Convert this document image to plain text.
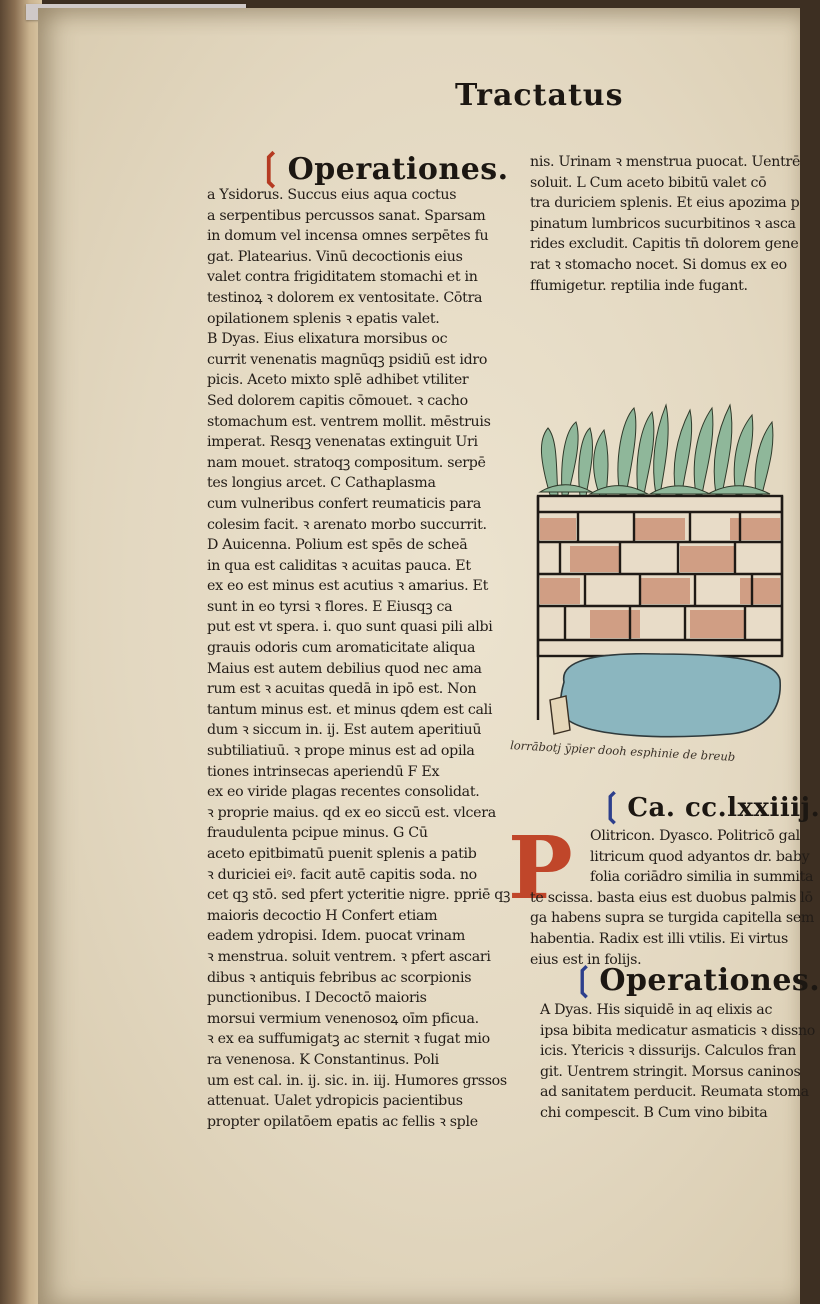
Tractatus
❲Operationes.
a Ysidorus. Succus eius aqua coctus
a serpentibus percussos sanat. Sparsam
in domum vel incensa omnes serpētes fu
gat. Platearius. Vinū decoctionis eius
valet contra frigiditatem stomachi et in
testinoꝝ ꝛ dolorem ex ventositate. Cōtra
opilationem splenis ꝛ epatis valet.
B Dyas. Eius elixatura morsibus oc
currit venenatis magnūqꝫ psidiū est idro
picis. Aceto mixto splē adhibet vtiliter
Sed dolorem capitis cōmouet. ꝛ cacho
stomachum est. ventrem mollit. mēstruis
imperat. Resqꝫ venenatas extinguit Uri
nam mouet. stratoqꝫ compositum. serpē
tes longius arcet. C Cathaplasma
cum vulneribus confert reumaticis para
colesim facit. ꝛ arenato morbo succurrit.
D Auicenna. Polium est spēs de scheā
in qua est caliditas ꝛ acuitas pauca. Et
ex eo est minus est acutius ꝛ amarius. Et
sunt in eo tyrsi ꝛ flores. E Eiusqꝫ ca
put est vt spera. i. quo sunt quasi pili albi
grauis odoris cum aromaticitate aliqua
Maius est autem debilius quod nec ama
rum est ꝛ acuitas quedā in ipō est. Non
tantum minus est. et minus qdem est cali
dum ꝛ siccum in. ij. Est autem aperitiuū
subtiliatiuū. ꝛ prope minus est ad opila
tiones intrinsecas aperiendū F Ex
ex eo viride plagas recentes consolidat.
ꝛ proprie maius. qd ex eo siccū est. vlcera
fraudulenta pcipue minus. G Cū
aceto epitbimatū puenit splenis a patib
ꝛ duriciei eiꝰ. facit autē capitis soda. no
cet qꝫ stō. sed pfert ycteritie nigre. ppriē qꝫ
maioris decoctio H Confert etiam
eadem ydropisi. Idem. puocat vrinam
ꝛ menstrua. soluit ventrem. ꝛ pfert ascari
dibus ꝛ antiquis febribus ac scorpionis
punctionibus. I Decoctō maioris
morsui vermium venenosoꝝ oīm pficua.
ꝛ ex ea suffumigatꝫ ac sternit ꝛ fugat mio
ra venenosa. K Constantinus. Poli
um est cal. in. ij. sic. in. iij. Humores grssos
attenuat. Ualet ydropicis pacientibus
propter opilatōem epatis ac fellis ꝛ sple
nis. Urinam ꝛ menstrua puocat. Uentrē
soluit. L Cum aceto bibitū valet cō
tra duriciem splenis. Et eius apozima p
pinatum lumbricos sucurbitinos ꝛ asca
rides excludit. Capitis tn̄ dolorem gene
rat ꝛ stomacho nocet. Si domus ex eo
ffumigetur. reptilia inde fugant.
lorrābotj ȳpier dooh esphinie de breub
❲Ca. cc.lxxiiij.
P	Olitricon. Dyasco. Politricō gal
litricum quod adyantos dr. baby
folia coriādro similia in summita
te scissa. basta eius est duobus palmis lō
ga habens supra se turgida capitella sem
habentia. Radix est illi vtilis. Ei virtus
eius est in folijs.
❲Operationes.
A Dyas. His siquidē in aq elixis ac
ipsa bibita medicatur asmaticis ꝛ dissno
icis. Ytericis ꝛ dissurijs. Calculos fran
git. Uentrem stringit. Morsus caninos
ad sanitatem perducit. Reumata stoma
chi compescit. B Cum vino bibita
